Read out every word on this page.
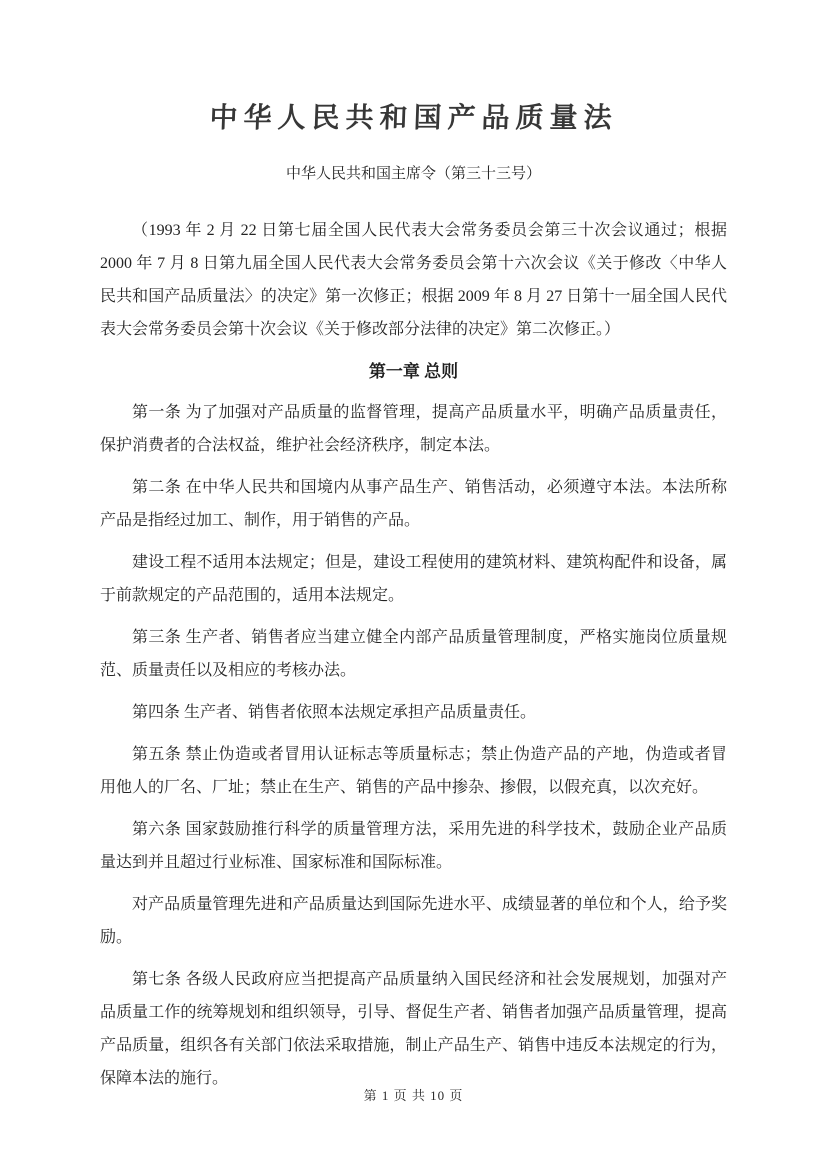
中华人民共和国产品质量法
中华人民共和国主席令（第三十三号）

（1993 年 2 月 22 日第七届全国人民代表大会常务委员会第三十次会议通过；根据 2000 年 7 月 8 日第九届全国人民代表大会常务委员会第十六次会议《关于修改〈中华人民共和国产品质量法〉的决定》第一次修正；根据 2009 年 8 月 27 日第十一届全国人民代表大会常务委员会第十次会议《关于修改部分法律的决定》第二次修正。）

第一章 总则

第一条 为了加强对产品质量的监督管理，提高产品质量水平，明确产品质量责任，保护消费者的合法权益，维护社会经济秩序，制定本法。

第二条 在中华人民共和国境内从事产品生产、销售活动，必须遵守本法。本法所称产品是指经过加工、制作，用于销售的产品。

建设工程不适用本法规定；但是，建设工程使用的建筑材料、建筑构配件和设备，属于前款规定的产品范围的，适用本法规定。

第三条 生产者、销售者应当建立健全内部产品质量管理制度，严格实施岗位质量规范、质量责任以及相应的考核办法。

第四条 生产者、销售者依照本法规定承担产品质量责任。

第五条 禁止伪造或者冒用认证标志等质量标志；禁止伪造产品的产地，伪造或者冒用他人的厂名、厂址；禁止在生产、销售的产品中掺杂、掺假，以假充真，以次充好。

第六条 国家鼓励推行科学的质量管理方法，采用先进的科学技术，鼓励企业产品质量达到并且超过行业标准、国家标准和国际标准。

对产品质量管理先进和产品质量达到国际先进水平、成绩显著的单位和个人，给予奖励。

第七条 各级人民政府应当把提高产品质量纳入国民经济和社会发展规划，加强对产品质量工作的统筹规划和组织领导，引导、督促生产者、销售者加强产品质量管理，提高产品质量，组织各有关部门依法采取措施，制止产品生产、销售中违反本法规定的行为，保障本法的施行。

第 1 页 共 10 页
